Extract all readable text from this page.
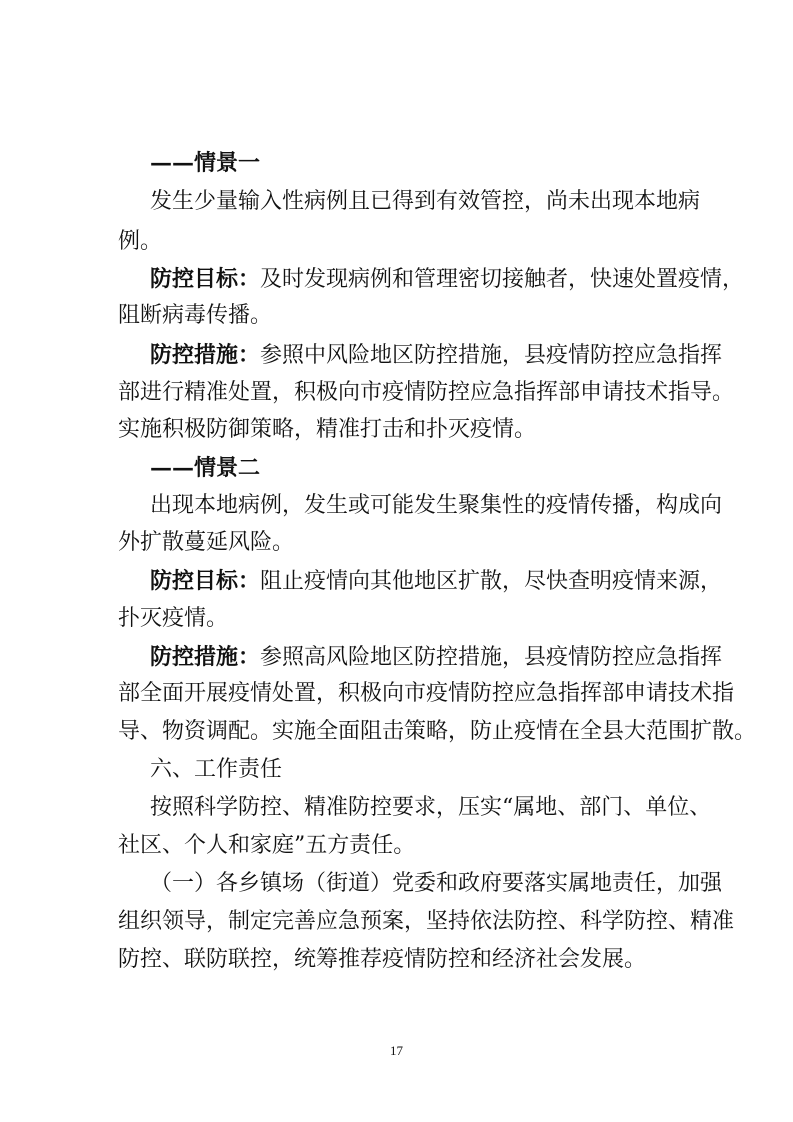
——情景一
发生少量输入性病例且已得到有效管控，尚未出现本地病
例。
防控目标：及时发现病例和管理密切接触者，快速处置疫情，
阻断病毒传播。
防控措施：参照中风险地区防控措施，县疫情防控应急指挥
部进行精准处置，积极向市疫情防控应急指挥部申请技术指导。
实施积极防御策略，精准打击和扑灭疫情。
——情景二
出现本地病例，发生或可能发生聚集性的疫情传播，构成向
外扩散蔓延风险。
防控目标：阻止疫情向其他地区扩散，尽快查明疫情来源，
扑灭疫情。
防控措施：参照高风险地区防控措施，县疫情防控应急指挥
部全面开展疫情处置，积极向市疫情防控应急指挥部申请技术指
导、物资调配。实施全面阻击策略，防止疫情在全县大范围扩散。
六、工作责任
按照科学防控、精准防控要求，压实“属地、部门、单位、
社区、个人和家庭”五方责任。
（一）各乡镇场（街道）党委和政府要落实属地责任，加强
组织领导，制定完善应急预案，坚持依法防控、科学防控、精准
防控、联防联控，统筹推荐疫情防控和经济社会发展。
17
